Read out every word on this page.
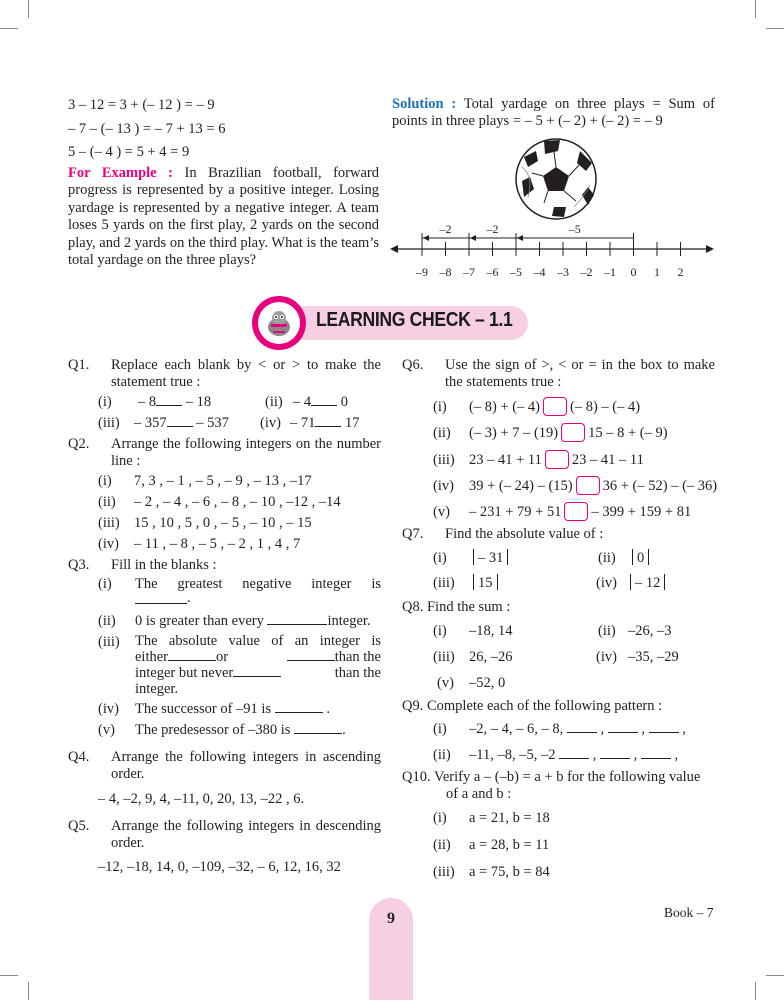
3 – 12 = 3 + (– 12 ) = – 9
– 7 – (– 13 ) = – 7 + 13 = 6
5 – (– 4 ) = 5 + 4 = 9
For Example : In Brazilian football, forward progress is represented by a positive integer. Losing yardage is represented by a negative integer. A team loses 5 yards on the first play, 2 yards on the second play, and 2 yards on the third play. What is the team’s total yardage on the three plays?
Solution : Total yardage on three plays = Sum of points in three plays = – 5 + (– 2) + (– 2) = – 9
–9 –8 –7 –6 –5 –4 –3 –2 –1 0 1 2
–2	–2	–5
LEARNING CHECK – 1.1
Q1. Replace each blank by < or > to make the statement true :
(i) – 8 – 18	(ii) – 4 0
(iii) – 357 – 537 (iv) – 71 17
Q2. Arrange the following integers on the number line :
(i) 7, 3 , – 1 , – 5 , – 9 , – 13 , –17
(ii) – 2 , – 4 , – 6 , – 8 , – 10 , –12 , –14
(iii) 15 , 10 , 5 , 0 , – 5 , – 10 , – 15
(iv) – 11 , – 8 , – 5 , – 2 , 1 , 4 , 7
Q3. Fill in the blanks :
(i) The greatest negative integer is
.
(ii) 0 is greater than every	integer.
(iii) The absolute value of an integer is
either	or	than the
integer but never	than the
integer.
(iv) The successor of –91 is	.
(v) The predesessor of –380 is	.
Q4. Arrange the following integers in ascending order.
– 4, –2, 9, 4, –11, 0, 20, 13, –22 , 6.
Q5. Arrange the following integers in descending order.
–12, –18, 14, 0, –109, –32, – 6, 12, 16, 32
Q6. Use the sign of >, < or = in the box to make the statements true :
(i) (– 8) + (– 4) (– 8) – (– 4)
(ii) (– 3) + 7 – (19) 15 – 8 + (– 9)
(iii) 23 – 41 + 11 23 – 41 – 11
(iv) 39 + (– 24) – (15) 36 + (– 52) – (– 36)
(v) – 231 + 79 + 51 – 399 + 159 + 81
Q7. Find the absolute value of :
(i) – 31	(ii) 0
(iii) 15	(iv) – 12
Q8. Find the sum :
(i) –18, 14	(ii) –26, –3
(iii) 26, –26	(iv) –35, –29
(v) –52, 0
Q9. Complete each of the following pattern :
(i) –2, – 4, – 6, – 8,  ,  ,  ,
(ii) –11, –8, –5, –2  ,  ,  ,
Q10. Verify a – (–b) = a + b for the following value of a and b :
(i) a = 21, b = 18
(ii) a = 28, b = 11
(iii) a = 75, b = 84
9	Book – 7
